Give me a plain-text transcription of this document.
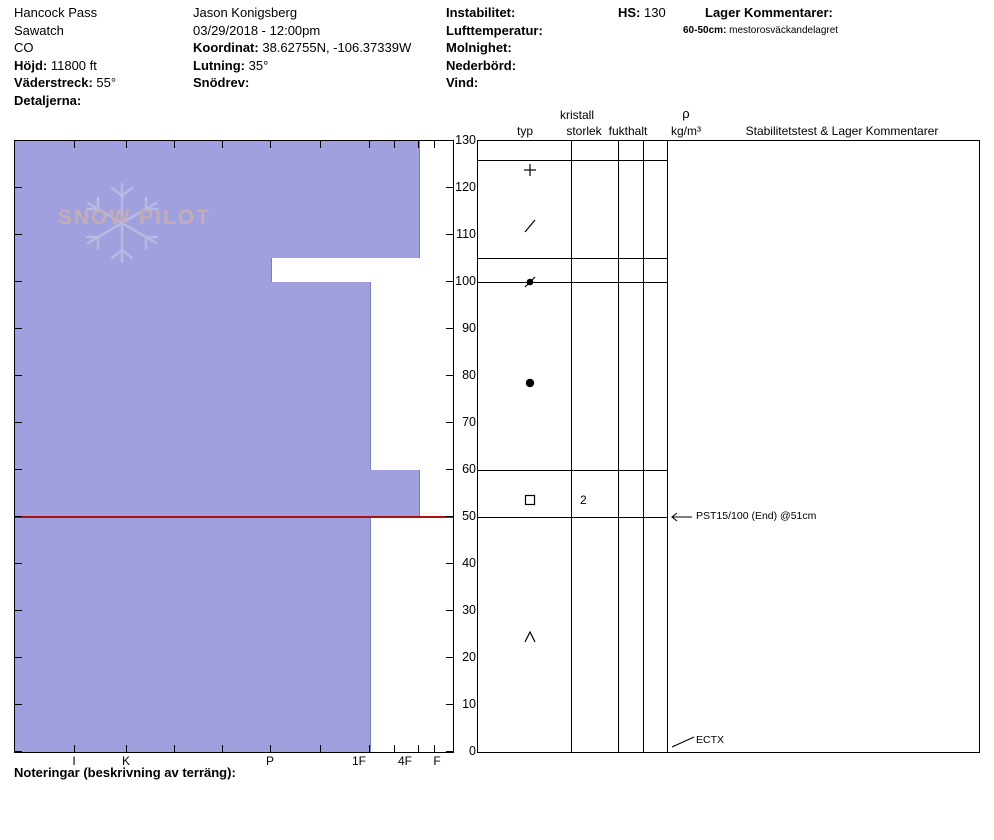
Hancock Pass
Sawatch
CO
Höjd: 11800 ft
Väderstreck: 55°
Detaljerna:
Jason Konigsberg
03/29/2018 - 12:00pm
Koordinat: 38.62755N, -106.37339W
Lutning: 35°
Snödrev:
Instabilitet:
Lufttemperatur:
Molnighet:
Nederbörd:
Vind:
HS: 130	Lager Kommentarer:
60-50cm: mestorosväckandelagret
SNOW PILOT
I	K	P	1F	4F F
130
120
110
100
90
80
70
60
50
40
30
20
10
0
kristall
typ	storlek fukthalt
ρ
kg/m³	Stabilitetstest & Lager Kommentarer
2
PST15/100 (End) @51cm
ECTX
Noteringar (beskrivning av terräng):
